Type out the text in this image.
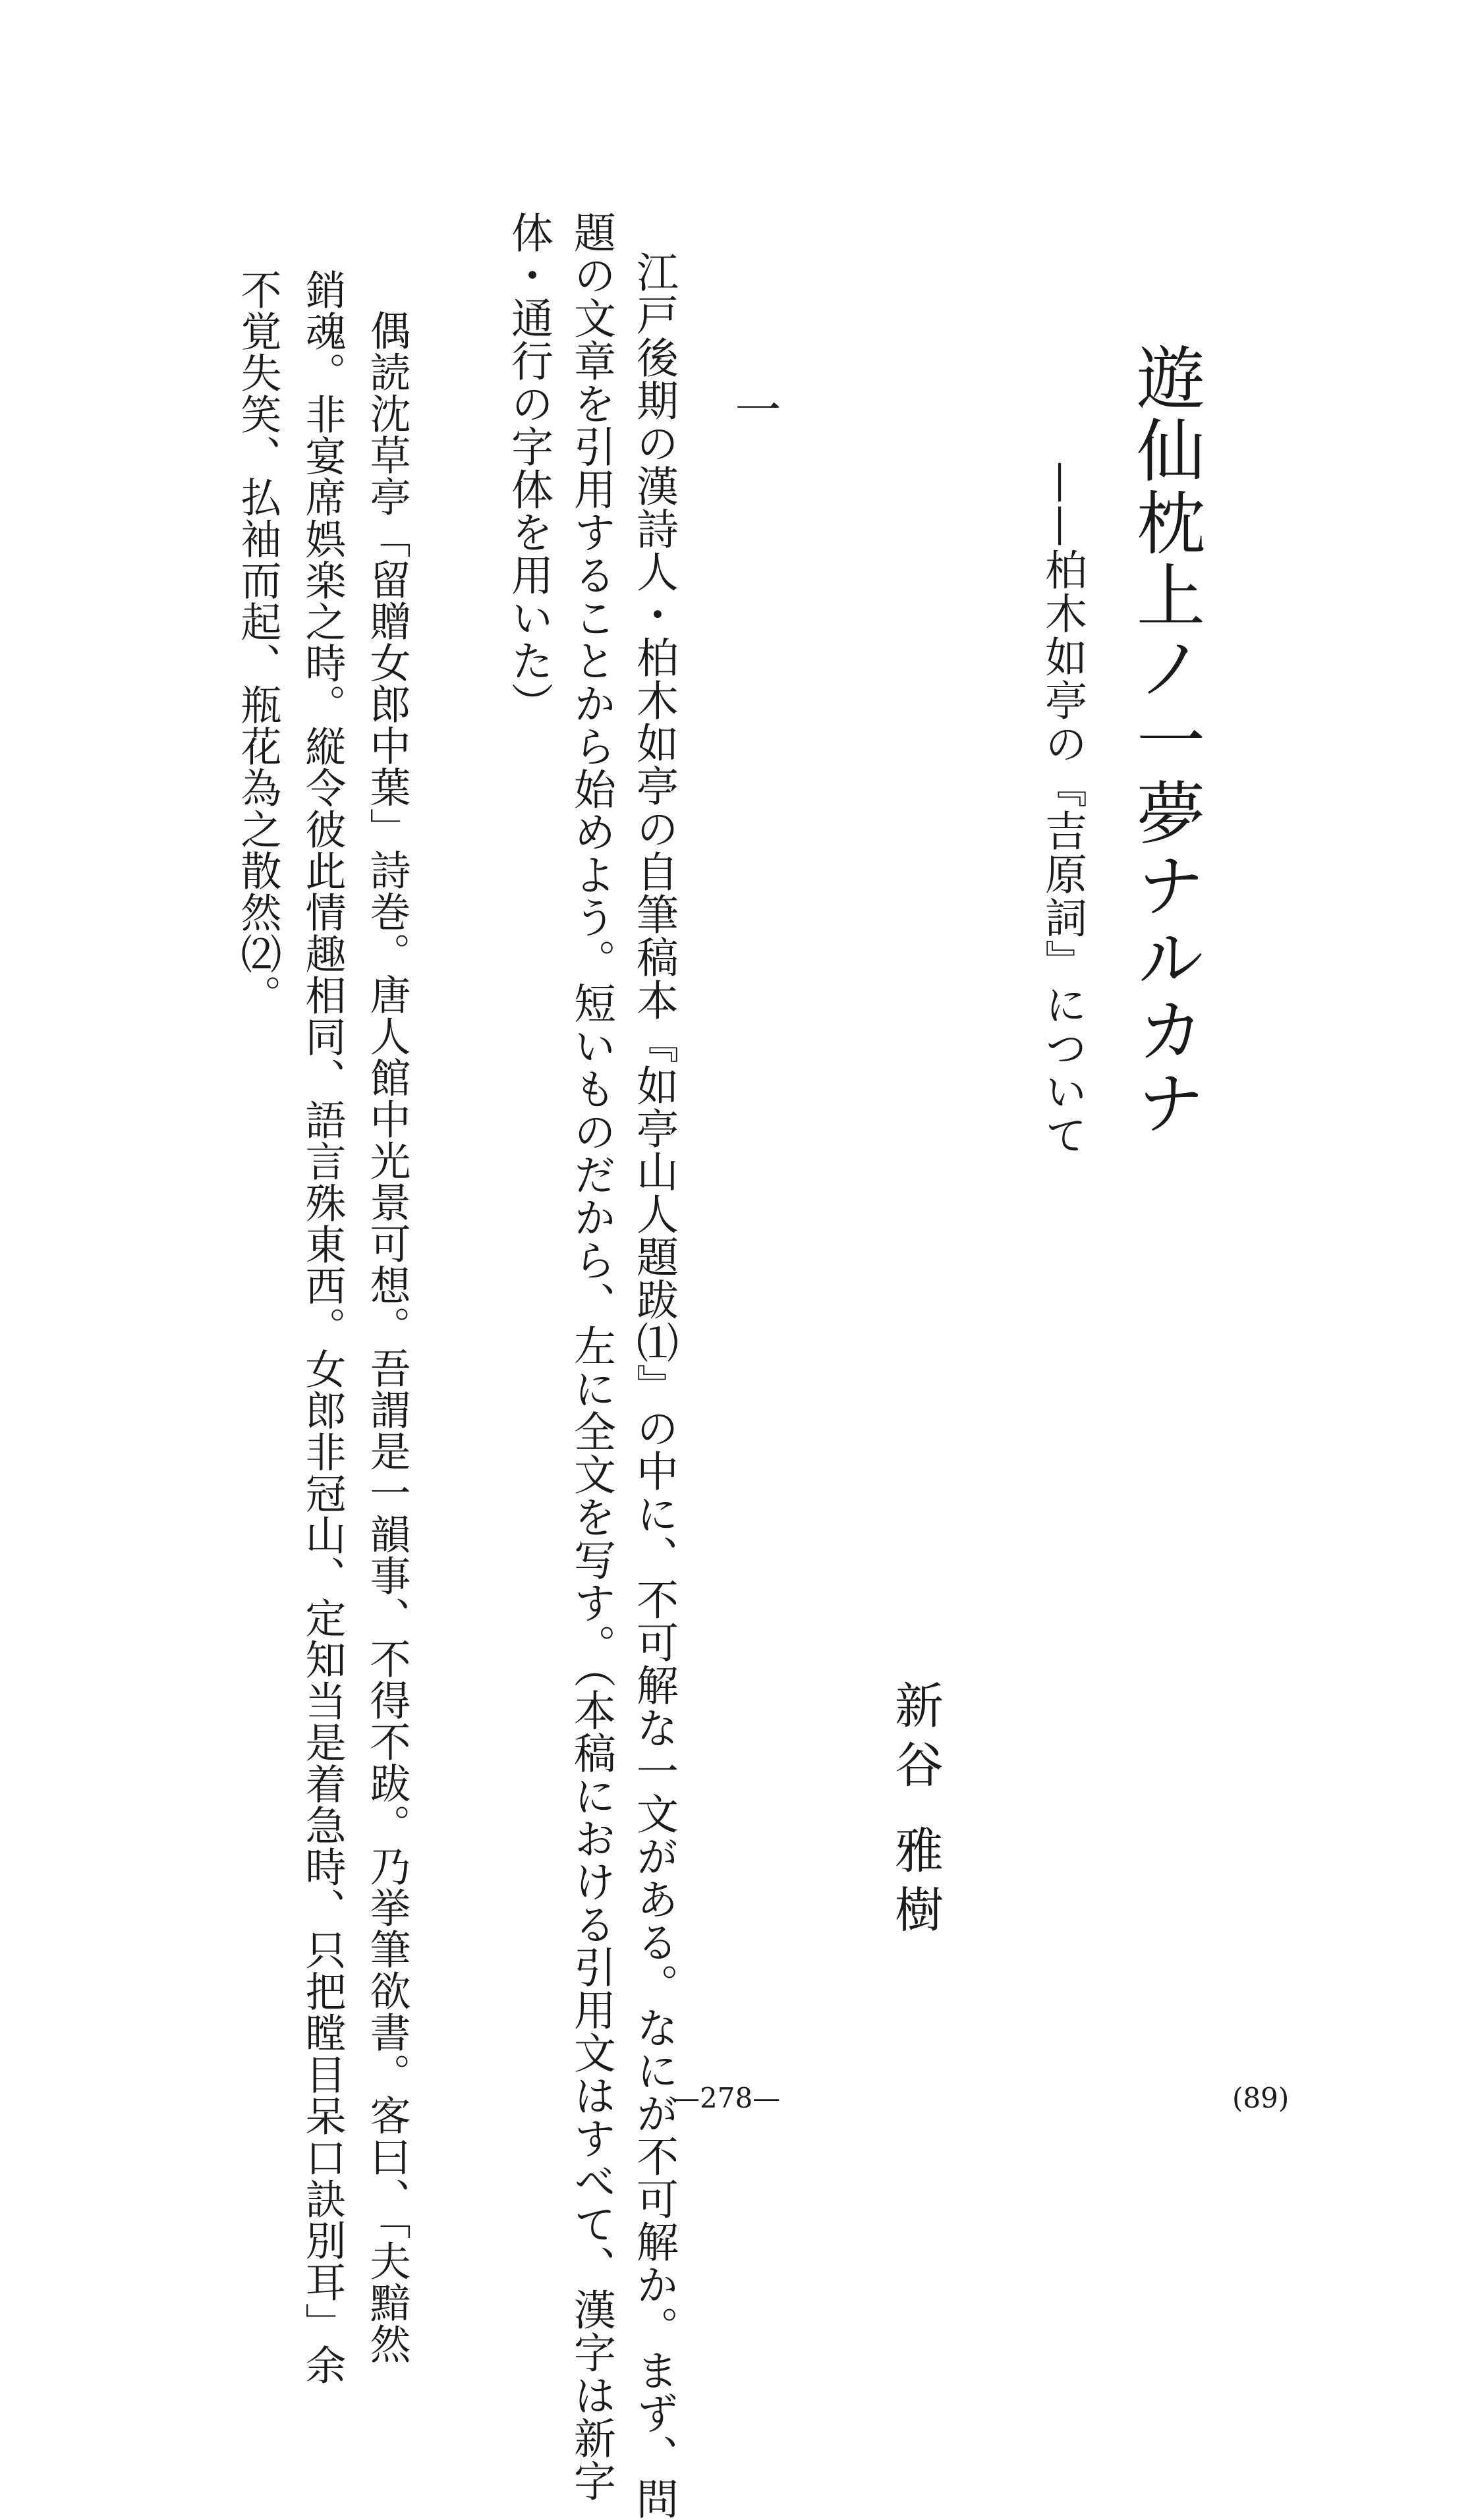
遊仙枕上ノ一夢ナルカナ
——柏木如亭の『吉原詞』について
新谷
雅樹
一
江戸後期の漢詩人・柏木如亭の自筆稿本『如亭山人題跋⑴』の中に、不可解な一文がある。なにが不可解か。まず、問
題の文章を引用することから始めよう。短いものだから、左に全文を写す。（本稿における引用文はすべて、漢字は新字
体・通行の字体を用いた）
偶読沈草亭「留贈女郎中葉」詩巻。唐人館中光景可想。吾謂是一韻事、不得不跋。乃挙筆欲書。客曰、「夫黯然
銷魂。非宴席娯楽之時。縦令彼此情趣相同、語言殊東西。女郎非冠山、定知当是着急時、只把瞠目呆口訣別耳」余
不覚失笑、払袖而起、瓶花為之散然⑵。
—278—	(89)
